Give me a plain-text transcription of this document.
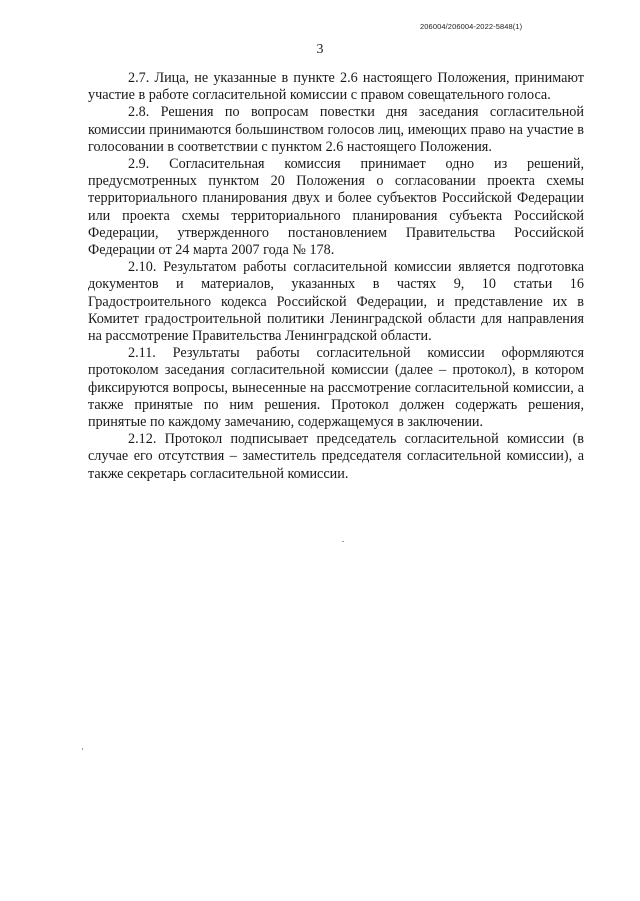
206004/206004-2022-5848(1)
3

2.7. Лица, не указанные в пункте 2.6 настоящего Положения, принимают участие в работе согласительной комиссии с правом совещательного голоса.

2.8. Решения по вопросам повестки дня заседания согласительной комиссии принимаются большинством голосов лиц, имеющих право на участие в голосовании в соответствии с пунктом 2.6 настоящего Положения.

2.9. Согласительная комиссия принимает одно из решений, предусмотренных пунктом 20 Положения о согласовании проекта схемы территориального планирования двух и более субъектов Российской Федерации или проекта схемы территориального планирования субъекта Российской Федерации, утвержденного постановлением Правительства Российской Федерации от 24 марта 2007 года № 178.

2.10. Результатом работы согласительной комиссии является подготовка документов и материалов, указанных в частях 9, 10 статьи 16 Градостроительного кодекса Российской Федерации, и представление их в Комитет градостроительной политики Ленинградской области для направления на рассмотрение Правительства Ленинградской области.

2.11. Результаты работы согласительной комиссии оформляются протоколом заседания согласительной комиссии (далее – протокол), в котором фиксируются вопросы, вынесенные на рассмотрение согласительной комиссии, а также принятые по ним решения. Протокол должен содержать решения, принятые по каждому замечанию, содержащемуся в заключении.

2.12. Протокол подписывает председатель согласительной комиссии (в случае его отсутствия – заместитель председателя согласительной комиссии), а также секретарь согласительной комиссии.
